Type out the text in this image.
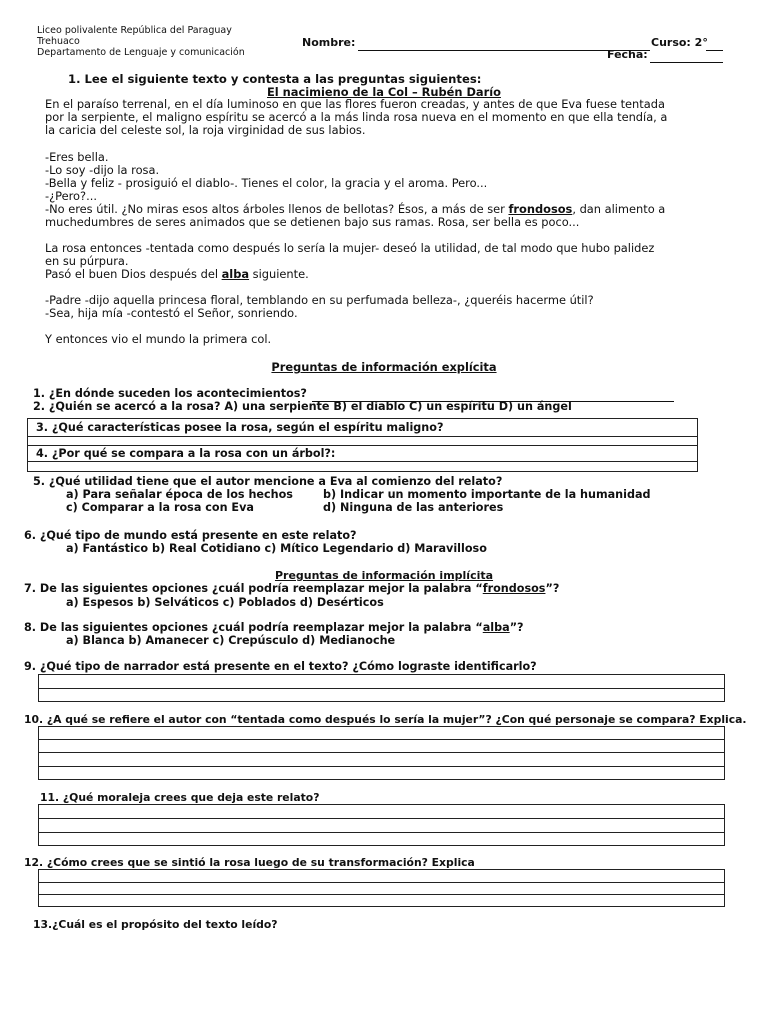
Liceo polivalente República del Paraguay
Trehuaco
Departamento de Lenguaje y comunicación
Nombre:	Curso: 2°
Fecha:
1. Lee el siguiente texto y contesta a las preguntas siguientes:
El nacimieno de la Col – Rubén Darío
En el paraíso terrenal, en el día luminoso en que las flores fueron creadas, y antes de que Eva fuese tentada
por la serpiente, el maligno espíritu se acercó a la más linda rosa nueva en el momento en que ella tendía, a
la caricia del celeste sol, la roja virginidad de sus labios.
-Eres bella.
-Lo soy -dijo la rosa.
-Bella y feliz - prosiguió el diablo-. Tienes el color, la gracia y el aroma. Pero...
-¿Pero?...
-No eres útil. ¿No miras esos altos árboles llenos de bellotas? Ésos, a más de ser frondosos, dan alimento a
muchedumbres de seres animados que se detienen bajo sus ramas. Rosa, ser bella es poco...
La rosa entonces -tentada como después lo sería la mujer- deseó la utilidad, de tal modo que hubo palidez
en su púrpura.
Pasó el buen Dios después del alba siguiente.
-Padre -dijo aquella princesa floral, temblando en su perfumada belleza-, ¿queréis hacerme útil?
-Sea, hija mía -contestó el Señor, sonriendo.
Y entonces vio el mundo la primera col.
Preguntas de información explícita
1. ¿En dónde suceden los acontecimientos?
2. ¿Quién se acercó a la rosa? A) una serpiente B) el diablo C) un espíritu D) un ángel
3. ¿Qué características posee la rosa, según el espíritu maligno?
4. ¿Por qué se compara a la rosa con un árbol?:
5. ¿Qué utilidad tiene que el autor mencione a Eva al comienzo del relato?
a) Para señalar época de los hechos	b) Indicar un momento importante de la humanidad
c) Comparar a la rosa con Eva	d) Ninguna de las anteriores
6. ¿Qué tipo de mundo está presente en este relato?
a) Fantástico b) Real Cotidiano c) Mítico Legendario d) Maravilloso
Preguntas de información implícita
7. De las siguientes opciones ¿cuál podría reemplazar mejor la palabra “frondosos”?
a) Espesos b) Selváticos c) Poblados d) Desérticos
8. De las siguientes opciones ¿cuál podría reemplazar mejor la palabra “alba”?
a) Blanca b) Amanecer c) Crepúsculo d) Medianoche
9. ¿Qué tipo de narrador está presente en el texto? ¿Cómo lograste identificarlo?
10. ¿A qué se refiere el autor con “tentada como después lo sería la mujer”? ¿Con qué personaje se compara? Explica.
11. ¿Qué moraleja crees que deja este relato?
12. ¿Cómo crees que se sintió la rosa luego de su transformación? Explica
13.¿Cuál es el propósito del texto leído?
